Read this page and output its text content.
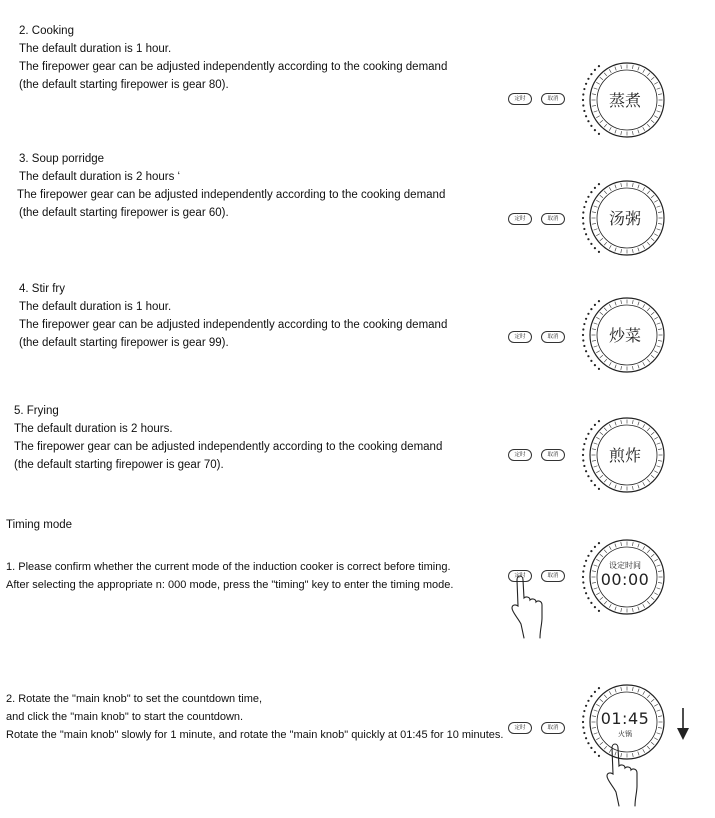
2. Cooking
The default duration is 1 hour.
The firepower gear can be adjusted independently according to the cooking demand
(the default starting firepower is gear 80).
定时	取消	蒸煮
3. Soup porridge
The default duration is 2 hours ‘
The firepower gear can be adjusted independently according to the cooking demand
(the default starting firepower is gear 60).	定时	取消	汤粥
4. Stir fry
The default duration is 1 hour.
The firepower gear can be adjusted independently according to the cooking demand
(the default starting firepower is gear 99).	定时	取消	炒菜
5. Frying
The default duration is 2 hours.
The firepower gear can be adjusted independently according to the cooking demand
(the default starting firepower is gear 70).
定时	取消	煎炸
Timing mode
1. Please confirm whether the current mode of the induction cooker is correct before timing.
After selecting the appropriate n: 000 mode, press the "timing" key to enter the timing mode.
定时	取消
设定时间
00:00
2. Rotate the "main knob" to set the countdown time,
and click the "main knob" to start the countdown.
Rotate the "main knob" slowly for 1 minute, and rotate the "main knob" quickly at 01:45 for 10 minutes.
定时	取消	01:45
火锅
